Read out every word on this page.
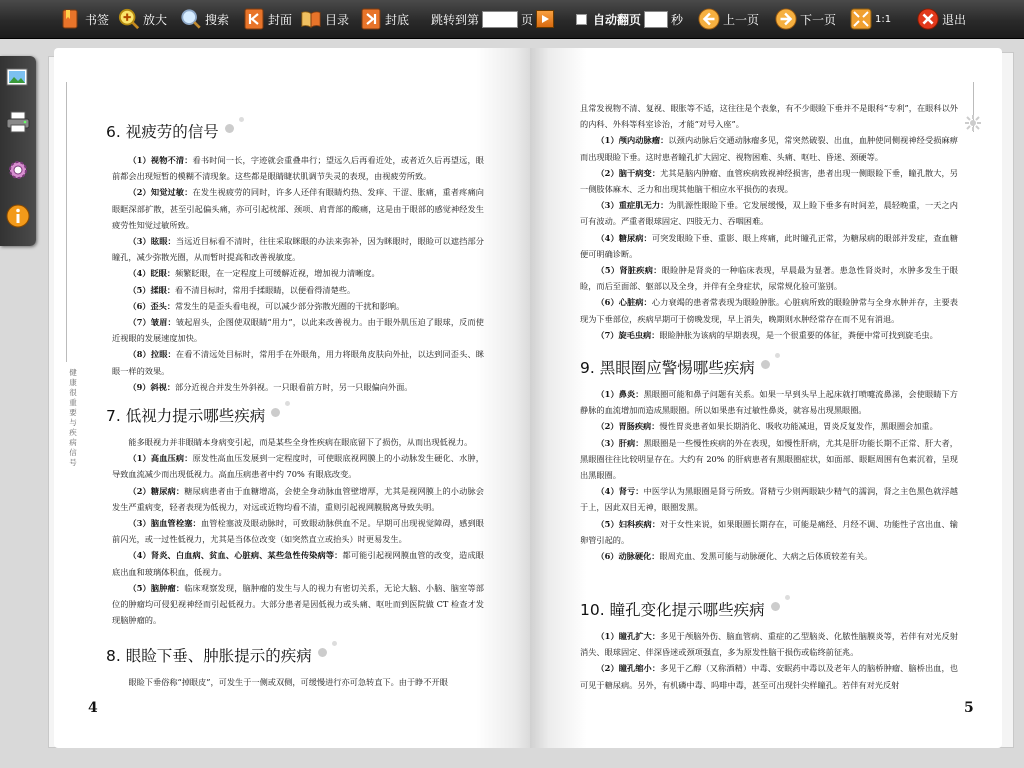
书签	放大	搜索	封面	目录	封底 跳转到第	页	自动翻页	秒	上一页	下一页	1:1	退出
健康很重要与疾病信号
6. 视疲劳的信号

（1）视物不清：看书时间一长，字迹就会重叠串行；望远久后再看近处，或者近久后再望远，眼前都会出现短暂的模糊不清现象。这些都是眼睛睫状肌调节失灵的表现，由视疲劳所致。

（2）知觉过敏：在发生视疲劳的同时，许多人还伴有眼睛灼热、发痒、干涩、胀痛，重者疼痛向眼眶深部扩散，甚至引起偏头痛，亦可引起枕部、颈项、肩背部的酸痛，这是由于眼部的感觉神经发生疲劳性知觉过敏所致。

（3）眩眼：当远近目标看不清时，往往采取眯眼的办法来弥补，因为眯眼时，眼睑可以遮挡部分瞳孔，减少弥散光圈，从而暂时提高和改善视敏度。

（4）眨眼：频繁眨眼，在一定程度上可缓解近视，增加视力清晰度。

（5）揉眼：看不清目标时，常用手揉眼睛，以便看得清楚些。

（6）歪头：常发生的是歪头看电视，可以减少部分弥散光圈的干扰和影响。

（7）皱眉：皱起眉头，企图使双眼睛“用力”，以此来改善视力。由于眼外肌压迫了眼球，反而使近视眼的发展速度加快。

（8）拉眼：在看不清远处目标时，常用手在外眼角，用力将眼角皮肤向外扯，以达到同歪头、眯眼一样的效果。

（9）斜视：部分近视合并发生外斜视。一只眼看前方时，另一只眼偏向外面。

7. 低视力提示哪些疾病

能多眼视力并非眼睛本身病变引起，而是某些全身性疾病在眼底留下了损伤，从而出现低视力。

（1）高血压病：原发性高血压发展到一定程度时，可使眼底视网膜上的小动脉发生硬化、水肿，导致血流减少而出现低视力。高血压病患者中约 70% 有眼底改变。

（2）糖尿病：糖尿病患者由于血糖增高，会使全身动脉血管壁增厚，尤其是视网膜上的小动脉会发生严重病变，轻者表现为低视力，对远或近物均看不清，重则引起视网膜脱离导致失明。

（3）脑血管栓塞：血管栓塞波及眼动脉时，可致眼动脉供血不足。早期可出现视觉障碍，感到眼前闪光，或一过性低视力，尤其是当体位改变（如突然直立或抬头）时更易发生。

（4）肾炎、白血病、贫血、心脏病、某些急性传染病等：都可能引起视网膜血管的改变，造成眼底出血和玻璃体积血，低视力。

（5）脑肿瘤：临床观察发现，脑肿瘤的发生与人的视力有密切关系，无论大脑、小脑、脑室等部位的肿瘤均可侵犯视神经而引起低视力。大部分患者是因低视力或头痛、呕吐而到医院做 CT 检查才发现脑肿瘤的。

8. 眼睑下垂、肿胀提示的疾病

眼睑下垂俗称“掉眼皮”，可发生于一侧或双侧，可缓慢进行亦可急转直下。由于睁不开眼

4

且常发视物不清、复视、眼胀等不适，这往往是个表象，有不少眼睑下垂并不是眼科“专利”，在眼科以外的内科、外科等科室诊治，才能“对号入座”。

（1）颅内动脉瘤：以颈内动脉后交通动脉瘤多见，常突然破裂、出血，血肿使同侧视神经受损麻痹而出现眼睑下垂。这时患者瞳孔扩大固定、视物困难、头痛、呕吐、昏迷、颈硬等。

（2）脑干病变：尤其是脑内肿瘤、血管疾病致视神经损害，患者出现一侧眼睑下垂，瞳孔散大，另一侧肢体麻木、乏力和出现其他脑干相应水平损伤的表现。

（3）重症肌无力：为肌源性眼睑下垂。它发展缓慢，双上睑下垂多有时间差，晨轻晚重，一天之内可有波动。严重者眼球固定、四肢无力、吞咽困难。

（4）糖尿病：可突发眼睑下垂、重影、眼上疼痛，此时瞳孔正常，为糖尿病的眼部并发症，查血糖便可明确诊断。

（5）肾脏疾病：眼睑肿是肾炎的一种临床表现，早晨最为显著。患急性肾炎时，水肿多发生于眼睑，而后至面部、躯部以及全身，并伴有全身症状，尿常规化验可鉴别。

（6）心脏病：心力衰竭的患者常表现为眼睑肿胀。心脏病所致的眼睑肿常与全身水肿并存，主要表现为下垂部位，疾病早期可于傍晚发现，早上消失，晚期则水肿经常存在而不见有消退。

（7）旋毛虫病：眼睑肿胀为该病的早期表现，是一个很重要的体征，粪便中常可找到旋毛虫。

9. 黑眼圈应警惕哪些疾病

（1）鼻炎：黑眼圈可能和鼻子问题有关系。如果一早到头早上起床就打喷嚏流鼻涕，会使眼睛下方静脉的血流增加而造成黑眼圈。所以如果患有过敏性鼻炎，就容易出现黑眼圈。

（2）胃肠疾病：慢性胃炎患者如果长期消化、吸收功能减退，胃炎反复发作，黑眼圈会加重。

（3）肝病：黑眼圈是一些慢性疾病的外在表现，如慢性肝病，尤其是肝功能长期不正常、肝大者，黑眼圈往往比较明显存在。大约有 20% 的肝病患者有黑眼圈症状，如面部、眼眶周围有色素沉着，呈现出黑眼圈。

（4）肾亏：中医学认为黑眼圈是肾亏所致。肾精亏少则两眼缺少精气的濡润，肾之主色黑色就浮越于上，因此双目无神，眼圈发黑。

（5）妇科疾病：对于女性来说，如果眼圈长期存在，可能是痛经、月经不调、功能性子宫出血、输卵管引起的。

（6）动脉硬化：眼周充血、发黑可能与动脉硬化、大病之后体质较差有关。

10. 瞳孔变化提示哪些疾病

（1）瞳孔扩大：多见于颅脑外伤、脑血管病、重症的乙型脑炎、化脓性脑膜炎等，若伴有对光反射消失、眼球固定、伴深昏迷或颈项强直，多为原发性脑干损伤或临终前征兆。

（2）瞳孔缩小：多见于乙醇（又称酒精）中毒、安眠药中毒以及老年人的脑桥肿瘤、脑桥出血，也可见于糖尿病。另外，有机磷中毒、吗啡中毒，甚至可出现针尖样瞳孔。若伴有对光反射

5
